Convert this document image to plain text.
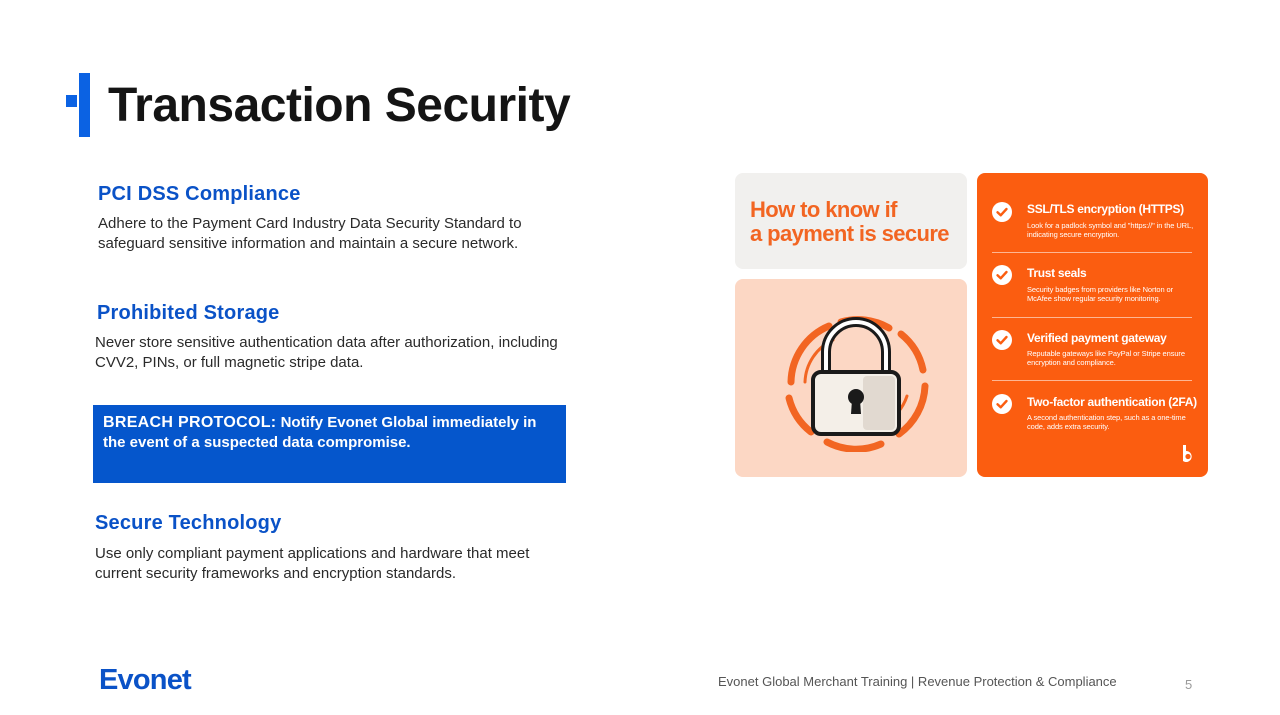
Transaction Security
PCI DSS Compliance
Adhere to the Payment Card Industry Data Security Standard to safeguard sensitive information and maintain a secure network.
Prohibited Storage
Never store sensitive authentication data after authorization, including CVV2, PINs, or full magnetic stripe data.
BREACH PROTOCOL: Notify Evonet Global immediately in the event of a suspected data compromise.
Secure Technology
Use only compliant payment applications and hardware that meet current security frameworks and encryption standards.
How to know if
a payment is secure
SSL/TLS encryption (HTTPS)
Look for a padlock symbol and "https://" in the URL, indicating secure encryption.
Trust seals
Security badges from providers like Norton or McAfee show regular security monitoring.
Verified payment gateway
Reputable gateways like PayPal or Stripe ensure encryption and compliance.
Two-factor authentication (2FA)
A second authentication step, such as a one-time code, adds extra security.
Evonet	Evonet Global Merchant Training | Revenue Protection & Compliance	5
